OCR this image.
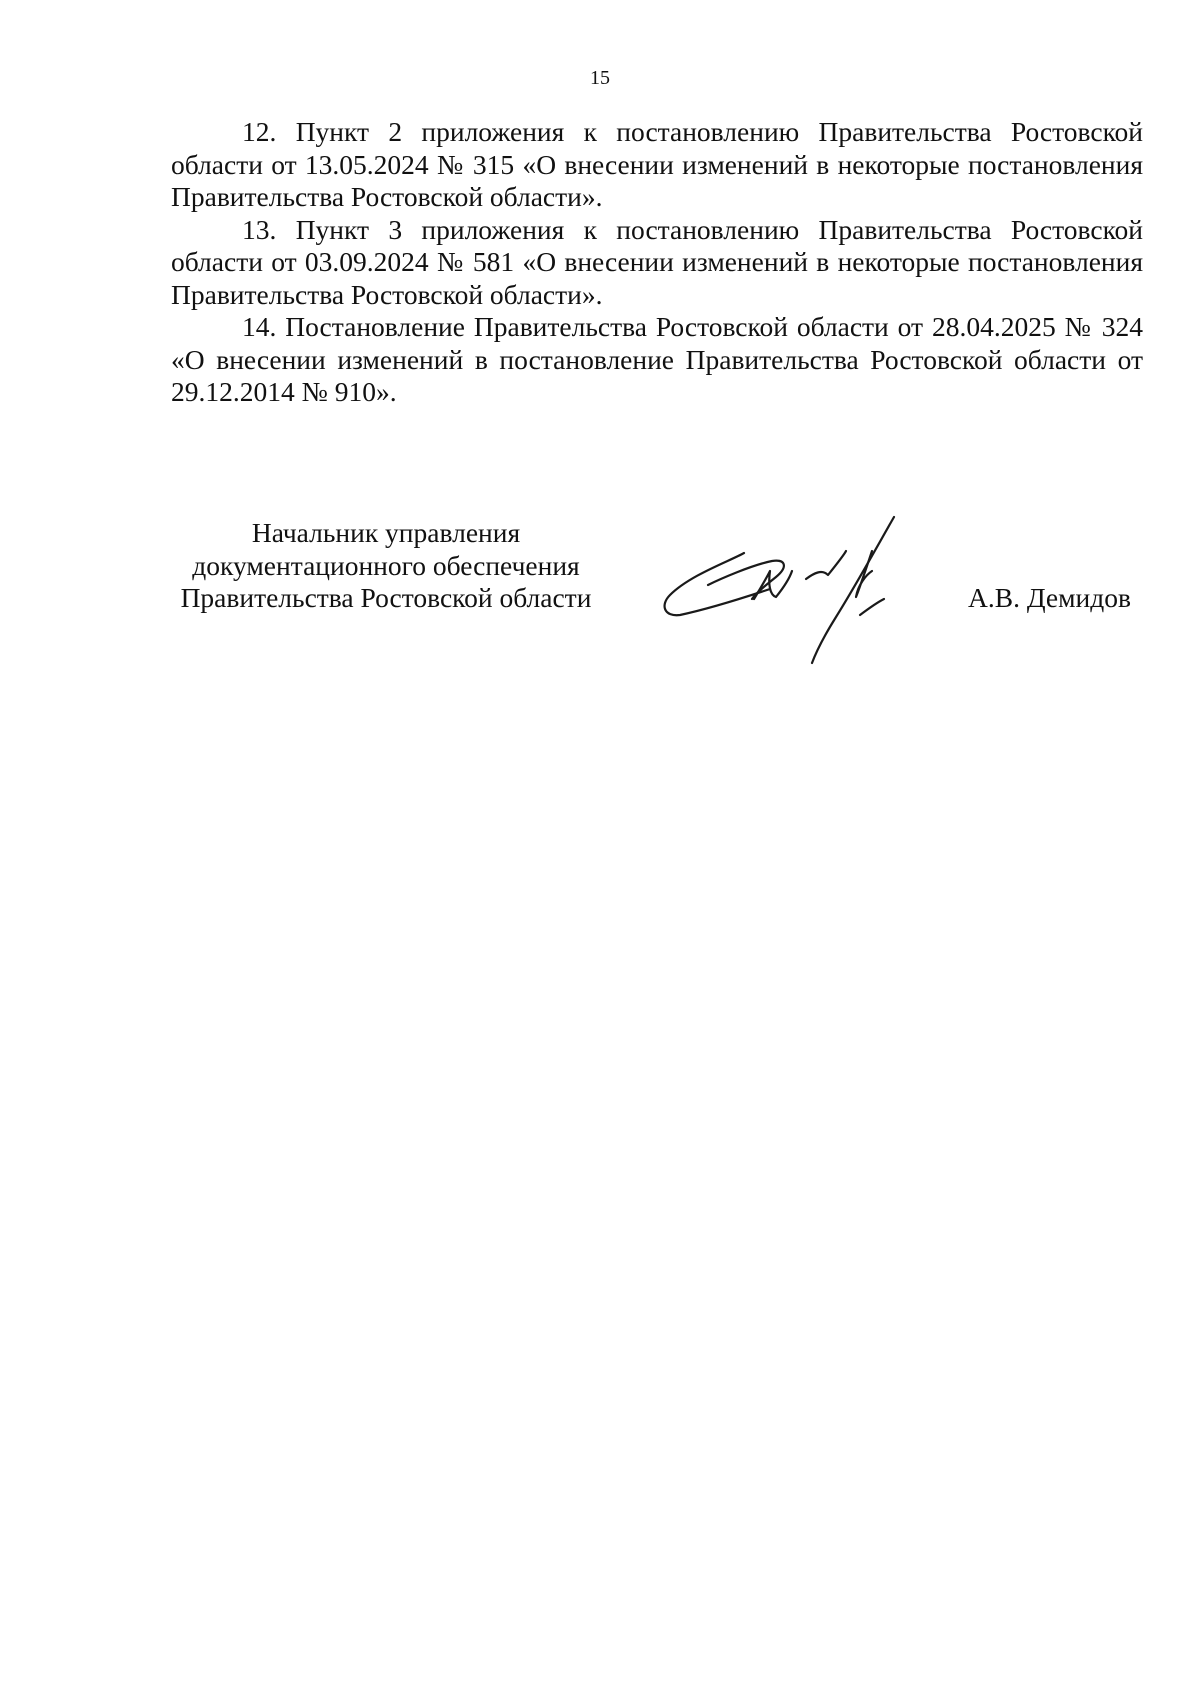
15

12. Пункт 2 приложения к постановлению Правительства Ростовской области от 13.05.2024 № 315 «О внесении изменений в некоторые постановления Правительства Ростовской области».

13. Пункт 3 приложения к постановлению Правительства Ростовской области от 03.09.2024 № 581 «О внесении изменений в некоторые постановления Правительства Ростовской области».

14. Постановление Правительства Ростовской области от 28.04.2025 № 324 «О внесении изменений в постановление Правительства Ростовской области от 29.12.2014 № 910».

Начальник управления
документационного обеспечения
Правительства Ростовской области	А.В. Демидов
